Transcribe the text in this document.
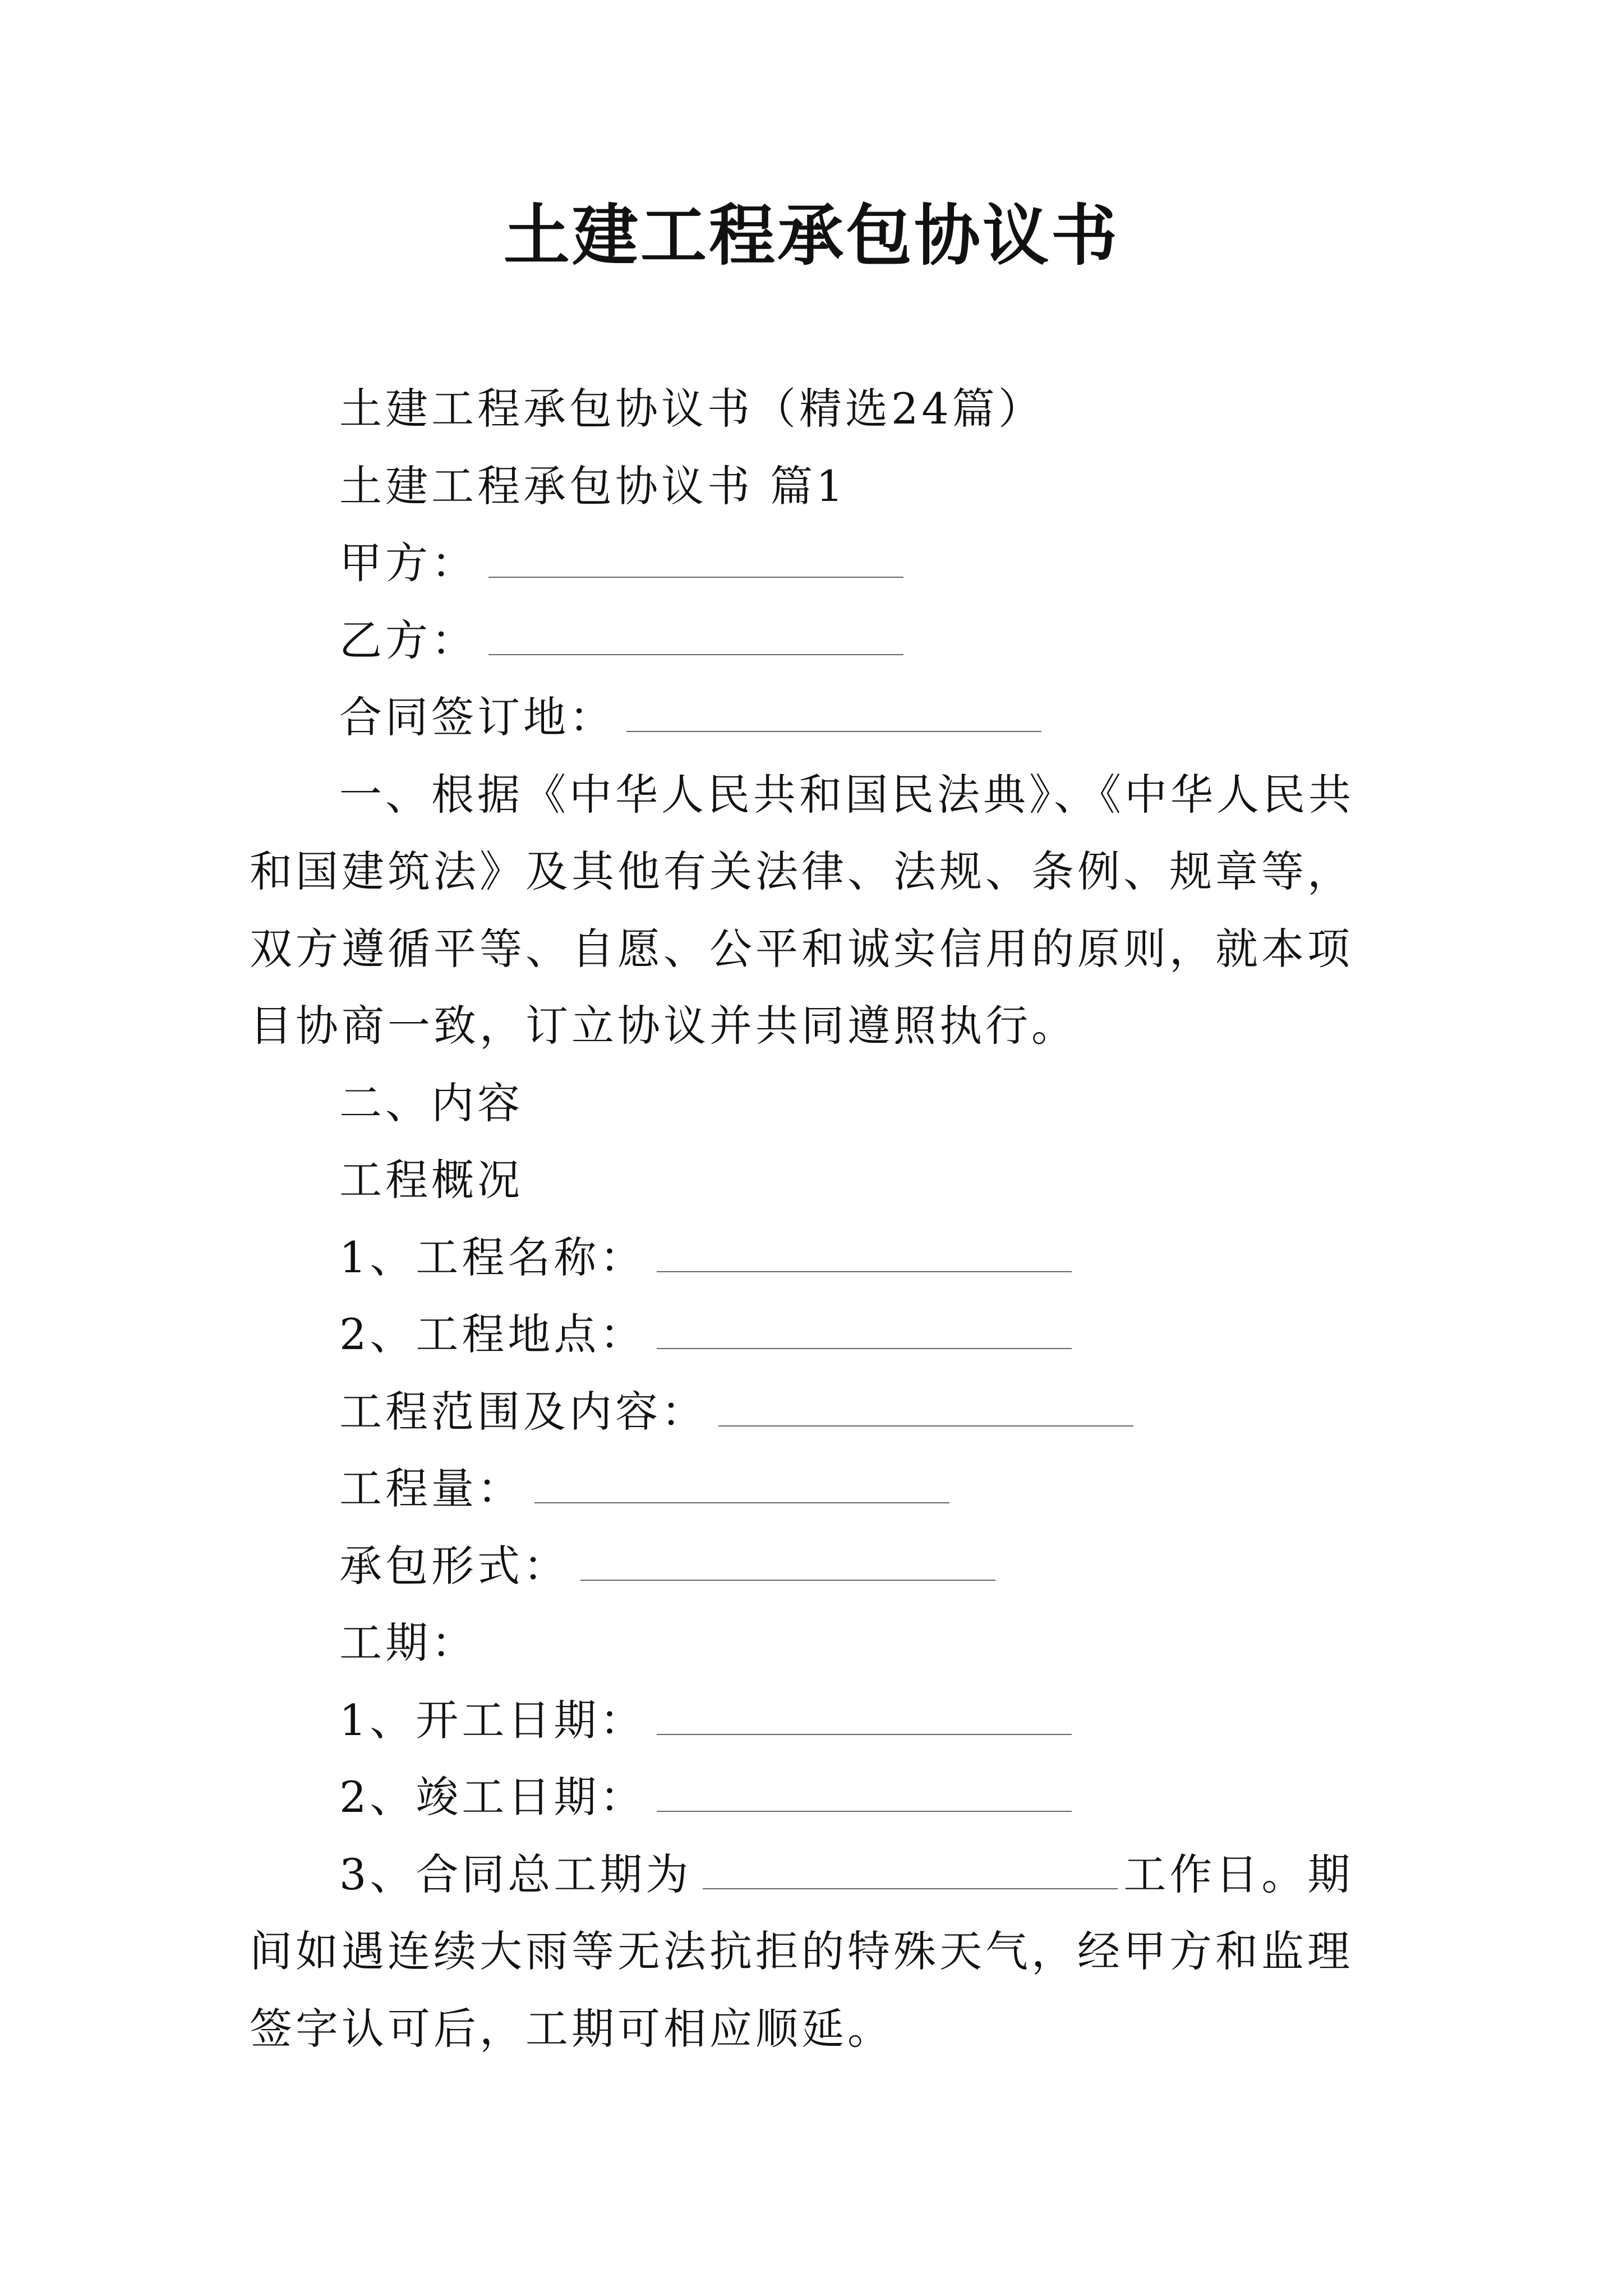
土建工程承包协议书

土建工程承包协议书（精选24篇）

土建工程承包协议书 篇1

甲方：

乙方：

合同签订地：

一、根据《中华人民共和国民法典》、《中华人民共和国建筑法》及其他有关法律、法规、条例、规章等，双方遵循平等、自愿、公平和诚实信用的原则，就本项目协商一致，订立协议并共同遵照执行。

二、内容

工程概况

1、工程名称：

2、工程地点：

工程范围及内容：

工程量：

承包形式：

工期：

1、开工日期：

2、竣工日期：

3、合同总工期为	工作日。期间如遇连续大雨等无法抗拒的特殊天气，经甲方和监理签字认可后，工期可相应顺延。
